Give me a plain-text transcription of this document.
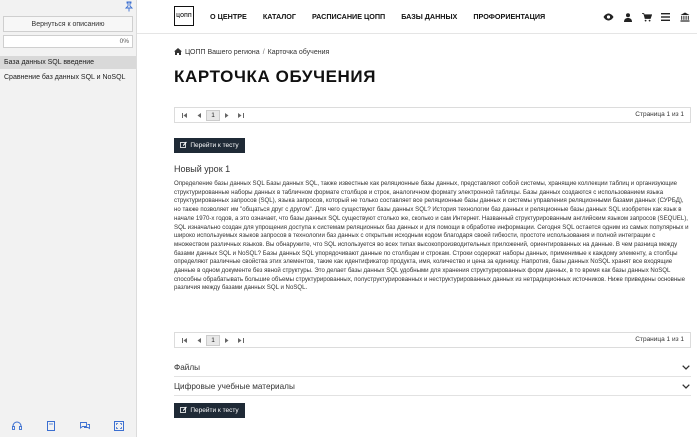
Вернуться к описанию
0%
База данных SQL введение
Сравнение баз данных SQL и NoSQL
ЦОПП	О ЦЕНТРЕ КАТАЛОГ РАСПИСАНИЕ ЦОПП БАЗЫ ДАННЫХ ПРОФОРИЕНТАЦИЯ
ЦОПП Вашего региона / Карточка обучения
КАРТОЧКА ОБУЧЕНИЯ
1	Страница 1 из 1
Перейти к тесту
Новый урок 1
Определение базы данных SQL Базы данных SQL, также известные как реляционные базы данных, представляют собой системы, хранящие коллекции таблиц и организующие структурированные наборы данных в табличном формате столбцов и строк, аналогичном формату электронной таблицы. Базы данных создаются с использованием языка структурированных запросов (SQL), языка запросов, который не только составляет все реляционные базы данных и системы управления реляционными базами данных (СУРБД), но также позволяет им "общаться друг с другом". Для чего существуют базы данных SQL? История технологии баз данных и реляционные базы данных SQL изобретен как язык в начале 1970-х годов, а это означает, что базы данных SQL существуют столько же, сколько и сам Интернет. Названный структурированным английским языком запросов (SEQUEL), SQL изначально создан для упрощения доступа к системам реляционных баз данных и для помощи в обработке информации. Сегодня SQL остается одним из самых популярных и широко используемых языков запросов в технологии баз данных с открытым исходным кодом благодаря своей гибкости, простоте использования и полной интеграции с множеством различных языков. Вы обнаружите, что SQL используется во всех типах высокопроизводительных приложений, ориентированных на данные. В чем разница между базами данных SQL и NoSQL? Базы данных SQL упорядочивают данные по столбцам и строкам. Строки содержат наборы данных, применимые к каждому элементу, а столбцы определяют различные свойства этих элементов, такие как идентификатор продукта, имя, количество и цена за единицу. Напротив, базы данных NoSQL хранят все входящие данные в одном документе без явной структуры. Это делает базы данных SQL удобными для хранения структурированных форм данных, в то время как базы данных NoSQL способны обрабатывать большие объемы структурированных, полуструктурированных и неструктурированных данных из нетрадиционных источников. Ниже приведены основные различия между базами данных SQL и NoSQL.
1	Страница 1 из 1
Файлы
Цифровые учебные материалы
Перейти к тесту
